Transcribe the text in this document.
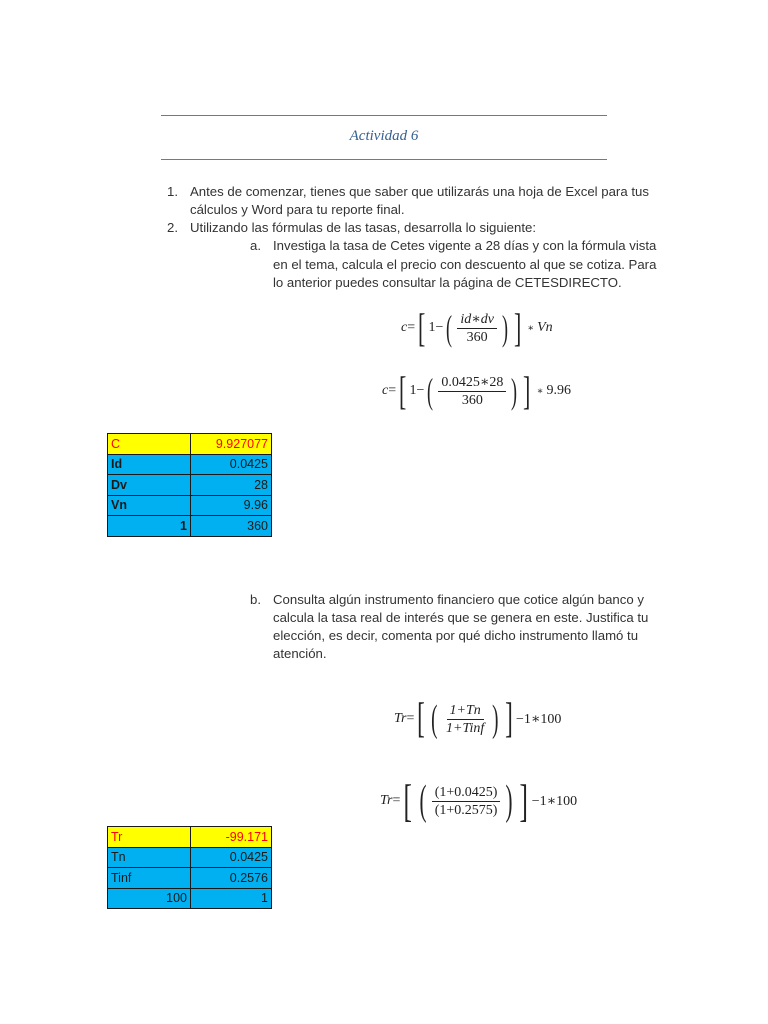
Actividad 6
1. Antes de comenzar, tienes que saber que utilizarás una hoja de Excel para tus
cálculos y Word para tu reporte final.
2. Utilizando las fórmulas de las tasas, desarrolla lo siguiente:
a. Investiga la tasa de Cetes vigente a 28 días y con la fórmula vista
en el tema, calcula el precio con descuento al que se cotiza. Para
lo anterior puedes consultar la página de CETESDIRECTO.
c = [ 1 − ( $\frac{id∗dv}{360}$ ) ] ∗ Vn
c = [ 1 − ( $\frac{0.0425∗28}{360}$ ) ] ∗ 9.96
C	9.927077
Id	0.0425
Dv	28
Vn	9.96
1	360
b. Consulta algún instrumento financiero que cotice algún banco y
calcula la tasa real de interés que se genera en este. Justifica tu
elección, es decir, comenta por qué dicho instrumento llamó tu
atención.
Tr = [ ( $\frac{1+Tn}{\text{1+Tinf}}$ ) ] −1∗100
Tr = [ ( $\frac{(1+0.0425)}{(1+0.2575)}$ ) ] −1∗100
Tr	-99.171
Tn	0.0425
Tinf	0.2576
100	1
